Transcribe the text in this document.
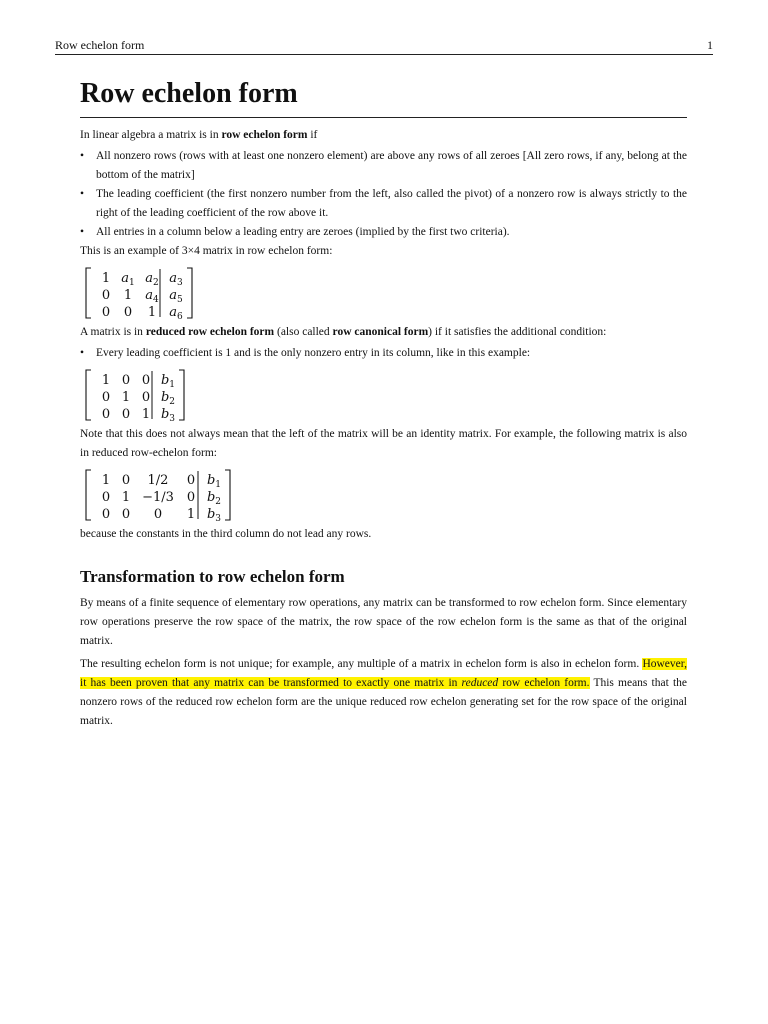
Row echelon form	1
Row echelon form

In linear algebra a matrix is in row echelon form if

• All nonzero rows (rows with at least one nonzero element) are above any rows of all zeroes [All zero rows, if any, belong at the bottom of the matrix]
• The leading coefficient (the first nonzero number from the left, also called the pivot) of a nonzero row is always strictly to the right of the leading coefficient of the row above it.
• All entries in a column below a leading entry are zeroes (implied by the first two criteria).

This is an example of 3×4 matrix in row echelon form:

1 $a_1$ $a_2$ $a_3$
0 1 $a_4$ $a_5$
0 0 1 $a_6$

A matrix is in reduced row echelon form (also called row canonical form) if it satisfies the additional condition:

• Every leading coefficient is 1 and is the only nonzero entry in its column, like in this example:
1 0 0 $b_1$
0 1 0 $b_2$
0 0 1 $b_3$

Note that this does not always mean that the left of the matrix will be an identity matrix. For example, the following matrix is also in reduced row-echelon form:

1 0 1/2 0 $b_1$
0 1 −1/3 0 $b_2$
0 0 0 1 $b_3$

because the constants in the third column do not lead any rows.

Transformation to row echelon form

By means of a finite sequence of elementary row operations, any matrix can be transformed to row echelon form. Since elementary row operations preserve the row space of the matrix, the row space of the row echelon form is the same as that of the original matrix.

The resulting echelon form is not unique; for example, any multiple of a matrix in echelon form is also in echelon form. However, it has been proven that any matrix can be transformed to exactly one matrix in reduced row echelon form. This means that the nonzero rows of the reduced row echelon form are the unique reduced row echelon generating set for the row space of the original matrix.
